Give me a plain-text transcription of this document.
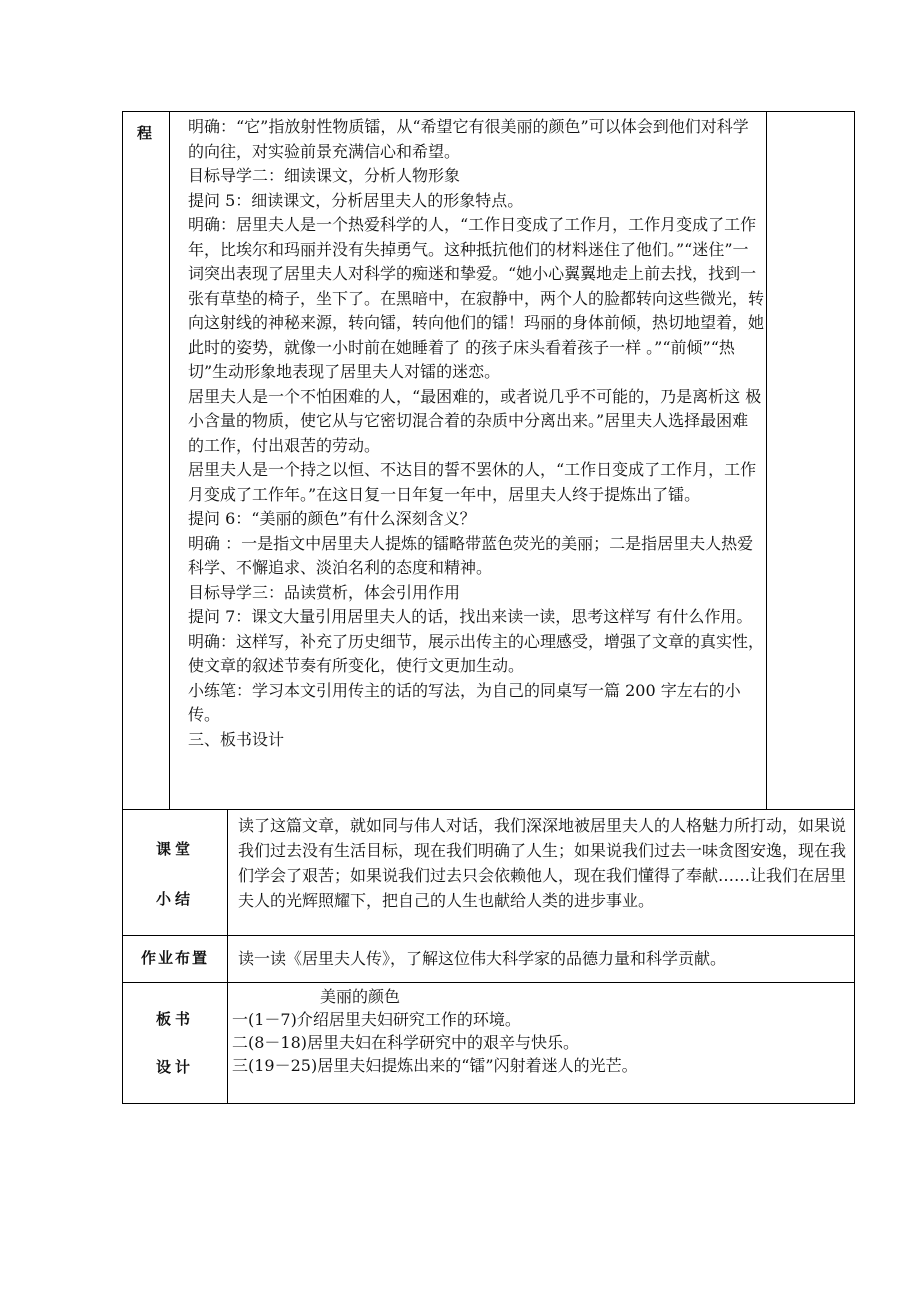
程	明确：“它”指放射性物质镭，从“希望它有很美丽的颜色”可以体会到他们对科学的向往，对实验前景充满信心和希望。

目标导学二：细读课文，分析人物形象

提问 5：细读课文，分析居里夫人的形象特点。

明确：居里夫人是一个热爱科学的人，“工作日变成了工作月，工作月变成了工作年，比埃尔和玛丽并没有失掉勇气。这种抵抗他们的材料迷住了他们。”“迷住”一词突出表现了居里夫人对科学的痴迷和挚爱。“她小心翼翼地走上前去找，找到一张有草垫的椅子，坐下了。在黑暗中，在寂静中，两个人的脸都转向这些微光，转向这射线的神秘来源，转向镭，转向他们的镭！玛丽的身体前倾，热切地望着，她此时的姿势，就像一小时前在她睡着了 的孩子床头看着孩子一样 。”“前倾”“热切”生动形象地表现了居里夫人对镭的迷恋。

居里夫人是一个不怕困难的人，“最困难的，或者说几乎不可能的，乃是离析这 极小含量的物质，使它从与它密切混合着的杂质中分离出来。”居里夫人选择最困难的工作，付出艰苦的劳动。

居里夫人是一个持之以恒、不达目的誓不罢休的人，“工作日变成了工作月，工作月变成了工作年。”在这日复一日年复一年中，居里夫人终于提炼出了镭。

提问 6：“美丽的颜色”有什么深刻含义？

明确 ：一是指文中居里夫人提炼的镭略带蓝色荧光的美丽；二是指居里夫人热爱科学、不懈追求、淡泊名利的态度和精神。

目标导学三：品读赏析，体会引用作用

提问 7：课文大量引用居里夫人的话，找出来读一读，思考这样写 有什么作用。

明确：这样写，补充了历史细节，展示出传主的心理感受，增强了文章的真实性，使文章的叙述节奏有所变化，使行文更加生动。

小练笔：学习本文引用传主的话的写法，为自己的同桌写一篇 200 字左右的小传。

三、板书设计

课堂
小结

读了这篇文章，就如同与伟人对话，我们深深地被居里夫人的人格魅力所打动，如果说我们过去没有生活目标，现在我们明确了人生；如果说我们过去一味贪图安逸，现在我们学会了艰苦；如果说我们过去只会依赖他人，现在我们懂得了奉献……让我们在居里夫人的光辉照耀下，把自己的人生也献给人类的进步事业。

作业布置	读一读《居里夫人传》，了解这位伟大科学家的品德力量和科学贡献。

板书
设计

美丽的颜色

一(1－7)介绍居里夫妇研究工作的环境。

二(8－18)居里夫妇在科学研究中的艰辛与快乐。

三(19－25)居里夫妇提炼出来的“镭”闪射着迷人的光芒。
